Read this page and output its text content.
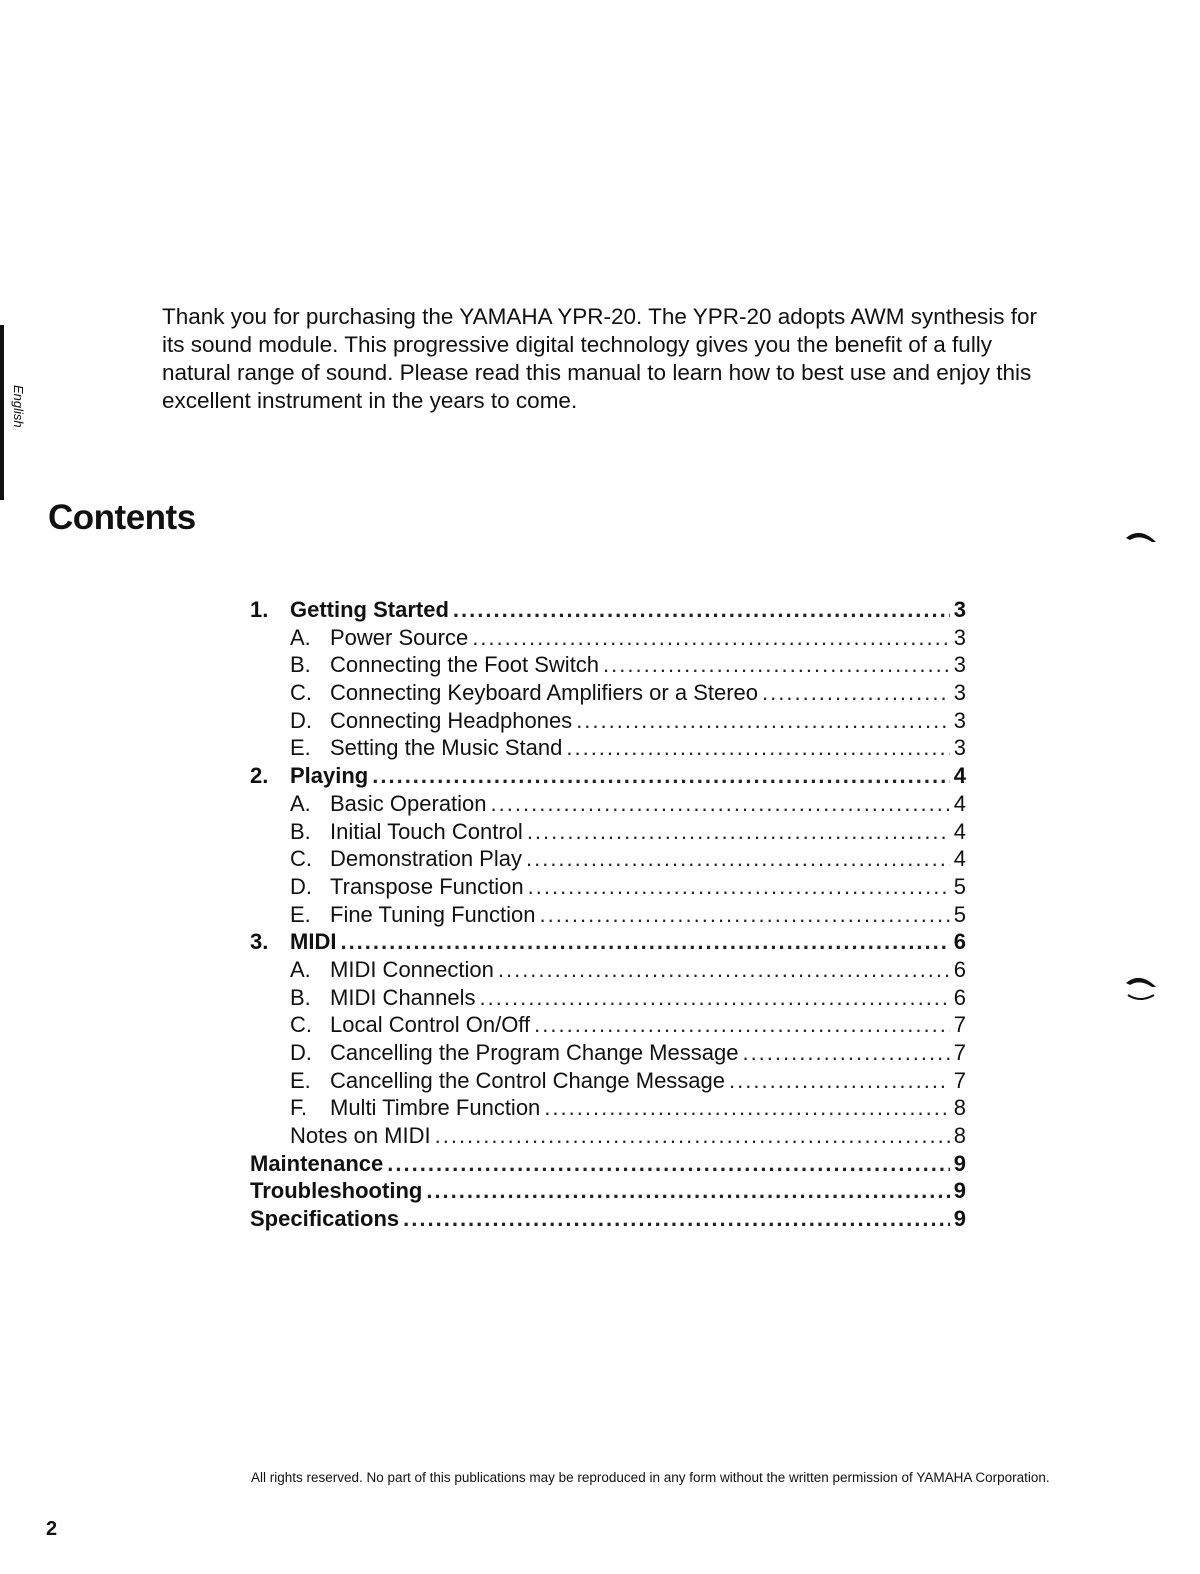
English

Thank you for purchasing the YAMAHA YPR-20. The YPR-20 adopts AWM synthesis for its sound module. This progressive digital technology gives you the benefit of a fully natural range of sound. Please read this manual to learn how to best use and enjoy this excellent instrument in the years to come.

Contents
1. Getting Started .....	3
A. Power Source .....	3
B. Connecting the Foot Switch .....	3
C. Connecting Keyboard Amplifiers or a Stereo .....	3
D. Connecting Headphones .....	3
E. Setting the Music Stand .....	3
2. Playing .....	4
A. Basic Operation .....	4
B. Initial Touch Control .....	4
C. Demonstration Play .....	4
D. Transpose Function .....	5
E. Fine Tuning Function .....	5
3. MIDI .....	6
A. MIDI Connection .....	6
B. MIDI Channels .....	6
C. Local Control On/Off .....	7
D. Cancelling the Program Change Message .....	7
E. Cancelling the Control Change Message .....	7
F.	Multi Timbre Function .....	8
Notes on MIDI .....	8
Maintenance .....	9
Troubleshooting .....	9
Specifications .....	9

All rights reserved. No part of this publications may be reproduced in any form without the written permission of YAMAHA Corporation.

2
